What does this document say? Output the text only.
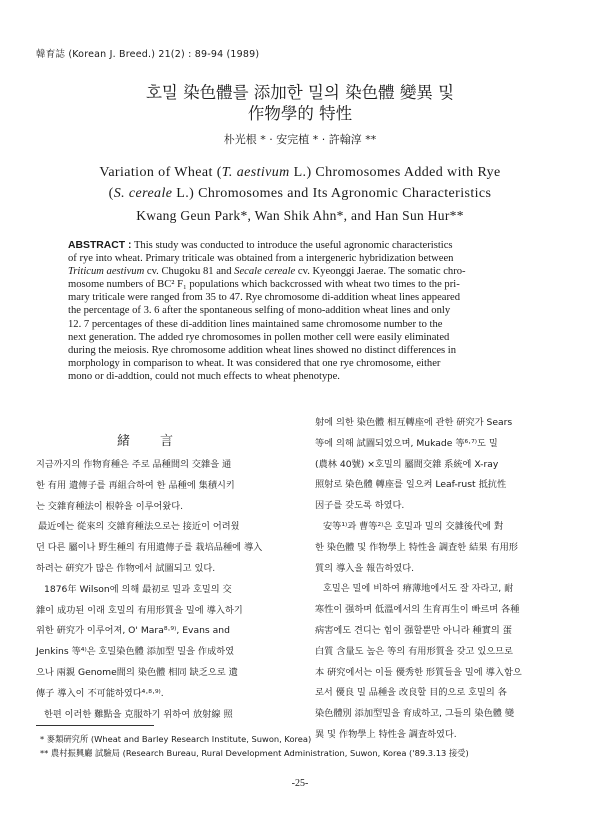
韓育誌 (Korean J. Breed.) 21(2) : 89-94 (1989)
호밀 染色體를 添加한 밀의 染色體 變異 및
作物學的 特性
朴光根 * · 安完植 * · 許翰淳 **
Variation of Wheat (T. aestivum L.) Chromosomes Added with Rye
(S. cereale L.) Chromosomes and Its Agronomic Characteristics
Kwang Geun Park*, Wan Shik Ahn*, and Han Sun Hur**
ABSTRACT : This study was conducted to introduce the useful agronomic characteristics
of rye into wheat. Primary triticale was obtained from a intergeneric hybridization between
Triticum aestivum cv. Chugoku 81 and Secale cereale cv. Kyeonggi Jaerae. The somatic chro-
mosome numbers of BC² F₁ populations which backcrossed with wheat two times to the pri-
mary triticale were ranged from 35 to 47. Rye chromosome di-addition wheat lines appeared
the percentage of 3. 6 after the spontaneous selfing of mono-addition wheat lines and only
12. 7 percentages of these di-addition lines maintained same chromosome number to the
next generation. The added rye chromosomes in pollen mother cell were easily eliminated
during the meiosis. Rye chromosome addition wheat lines showed no distinct differences in
morphology in comparison to wheat. It was considered that one rye chromosome, either
mono or di-addtion, could not much effects to wheat phenotype.
緒言
지금까지의 作物育種은 주로 品種間의 交雜을 通
한 有用 遺傳子를 再組合하여 한 品種에 集積시키
는 交雜育種法이 根幹을 이루어왔다.
最近에는 從來의 交雜育種法으로는 接近이 어려웠
던 다른 屬이나 野生種의 有用遺傳子를 栽培品種에 導入
하려는 硏究가 많은 作物에서 試圖되고 있다.
1876年 Wilson에 의해 最初로 밀과 호밀의 交
雜이 成功된 이래 호밀의 有用形質을 밀에 導入하기
위한 硏究가 이루어져, O' Mara⁸·⁹⁾, Evans and
Jenkins 等⁴⁾은 호밀染色體 添加型 밀을 作成하였
으나 兩親 Genome間의 染色體 相同 缺乏으로 遺
傳子 導入이 不可能하였다⁴·⁸·⁹⁾.
한편 이러한 難點을 克服하기 위하여 放射線 照
射에 의한 染色體 相互轉座에 관한 硏究가 Sears
等에 의해 試圖되었으며, Mukade 等⁶·⁷⁾도 밀
(農林 40號) ×호밀의 屬間交雜 系統에 X-ray
照射로 染色體 轉座를 일으켜 Leaf-rust 抵抗性
因子를 갖도록 하였다.
安等¹⁾과 曹等²⁾은 호밀과 밀의 交雜後代에 對
한 染色體 및 作物學上 特性을 調査한 結果 有用形
質의 導入을 報告하였다.
호밀은 밀에 비하여 瘠薄地에서도 잘 자라고, 耐
寒性이 强하며 低溫에서의 生育再生이 빠르며 各種
病害에도 견디는 힘이 强할뿐만 아니라 種實의 蛋
白質 含量도 높은 等의 有用形質을 갖고 있으므로
本 硏究에서는 이들 優秀한 形質들을 밀에 導入함으
로서 優良 밀 品種을 改良할 目的으로 호밀의 各
染色體別 添加型밀을 育成하고, 그들의 染色體 變
異 및 作物學上 特性을 調査하였다.
* 麥類硏究所 (Wheat and Barley Research Institute, Suwon, Korea)
** 農村振興廳 試驗局 (Research Bureau, Rural Development Administration, Suwon, Korea ('89.3.13 接受)
-25-
